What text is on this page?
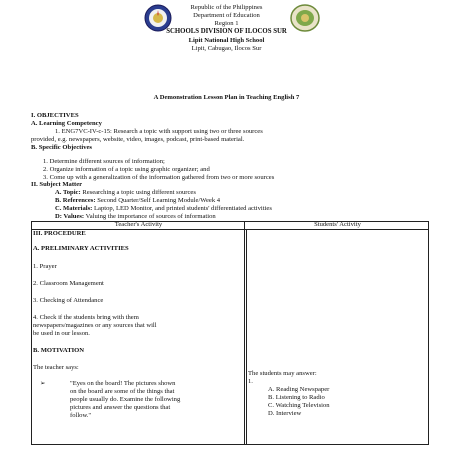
Republic of the Philippines
Department of Education
Region 1
SCHOOLS DIVISION OF ILOCOS SUR
Lipit National High School
Lipit, Cabugao, Ilocos Sur
A Demonstration Lesson Plan in Teaching English 7
I. OBJECTIVES
A. Learning Competency
1. ENG7VC-IV-c-15: Research a topic with support using two or three sources
provided, e.g. newspapers, website, video, images, podcast, print-based material.
B. Specific Objectives
1. Determine different sources of information;
2. Organize information of a topic using graphic organizer; and
3. Come up with a generalization of the information gathered from two or more sources
II. Subject Matter
A. Topic: Researching a topic using different sources
B. References: Second Quarter/Self Learning Module/Week 4
C. Materials: Laptop, LED Monitor, and printed students' differentiated activities
D: Values: Valuing the importance of sources of information
Teacher's Activity	Students' Activity
III. PROCEDURE
A. PRELIMINARY ACTIVITIES
1. Prayer
2. Classroom Management
3. Checking of Attendance
4. Check if the students bring with them
newspapers/magazines or any sources that will
be used in our lesson.
B. MOTIVATION
The teacher says:
➢	"Eyes on the board! The pictures shown
on the board are some of the things that
people usually do. Examine the following
pictures and answer the questions that
follow."
The students may answer:
1.
A. Reading Newspaper
B. Listening to Radio
C. Watching Television
D. Interview
